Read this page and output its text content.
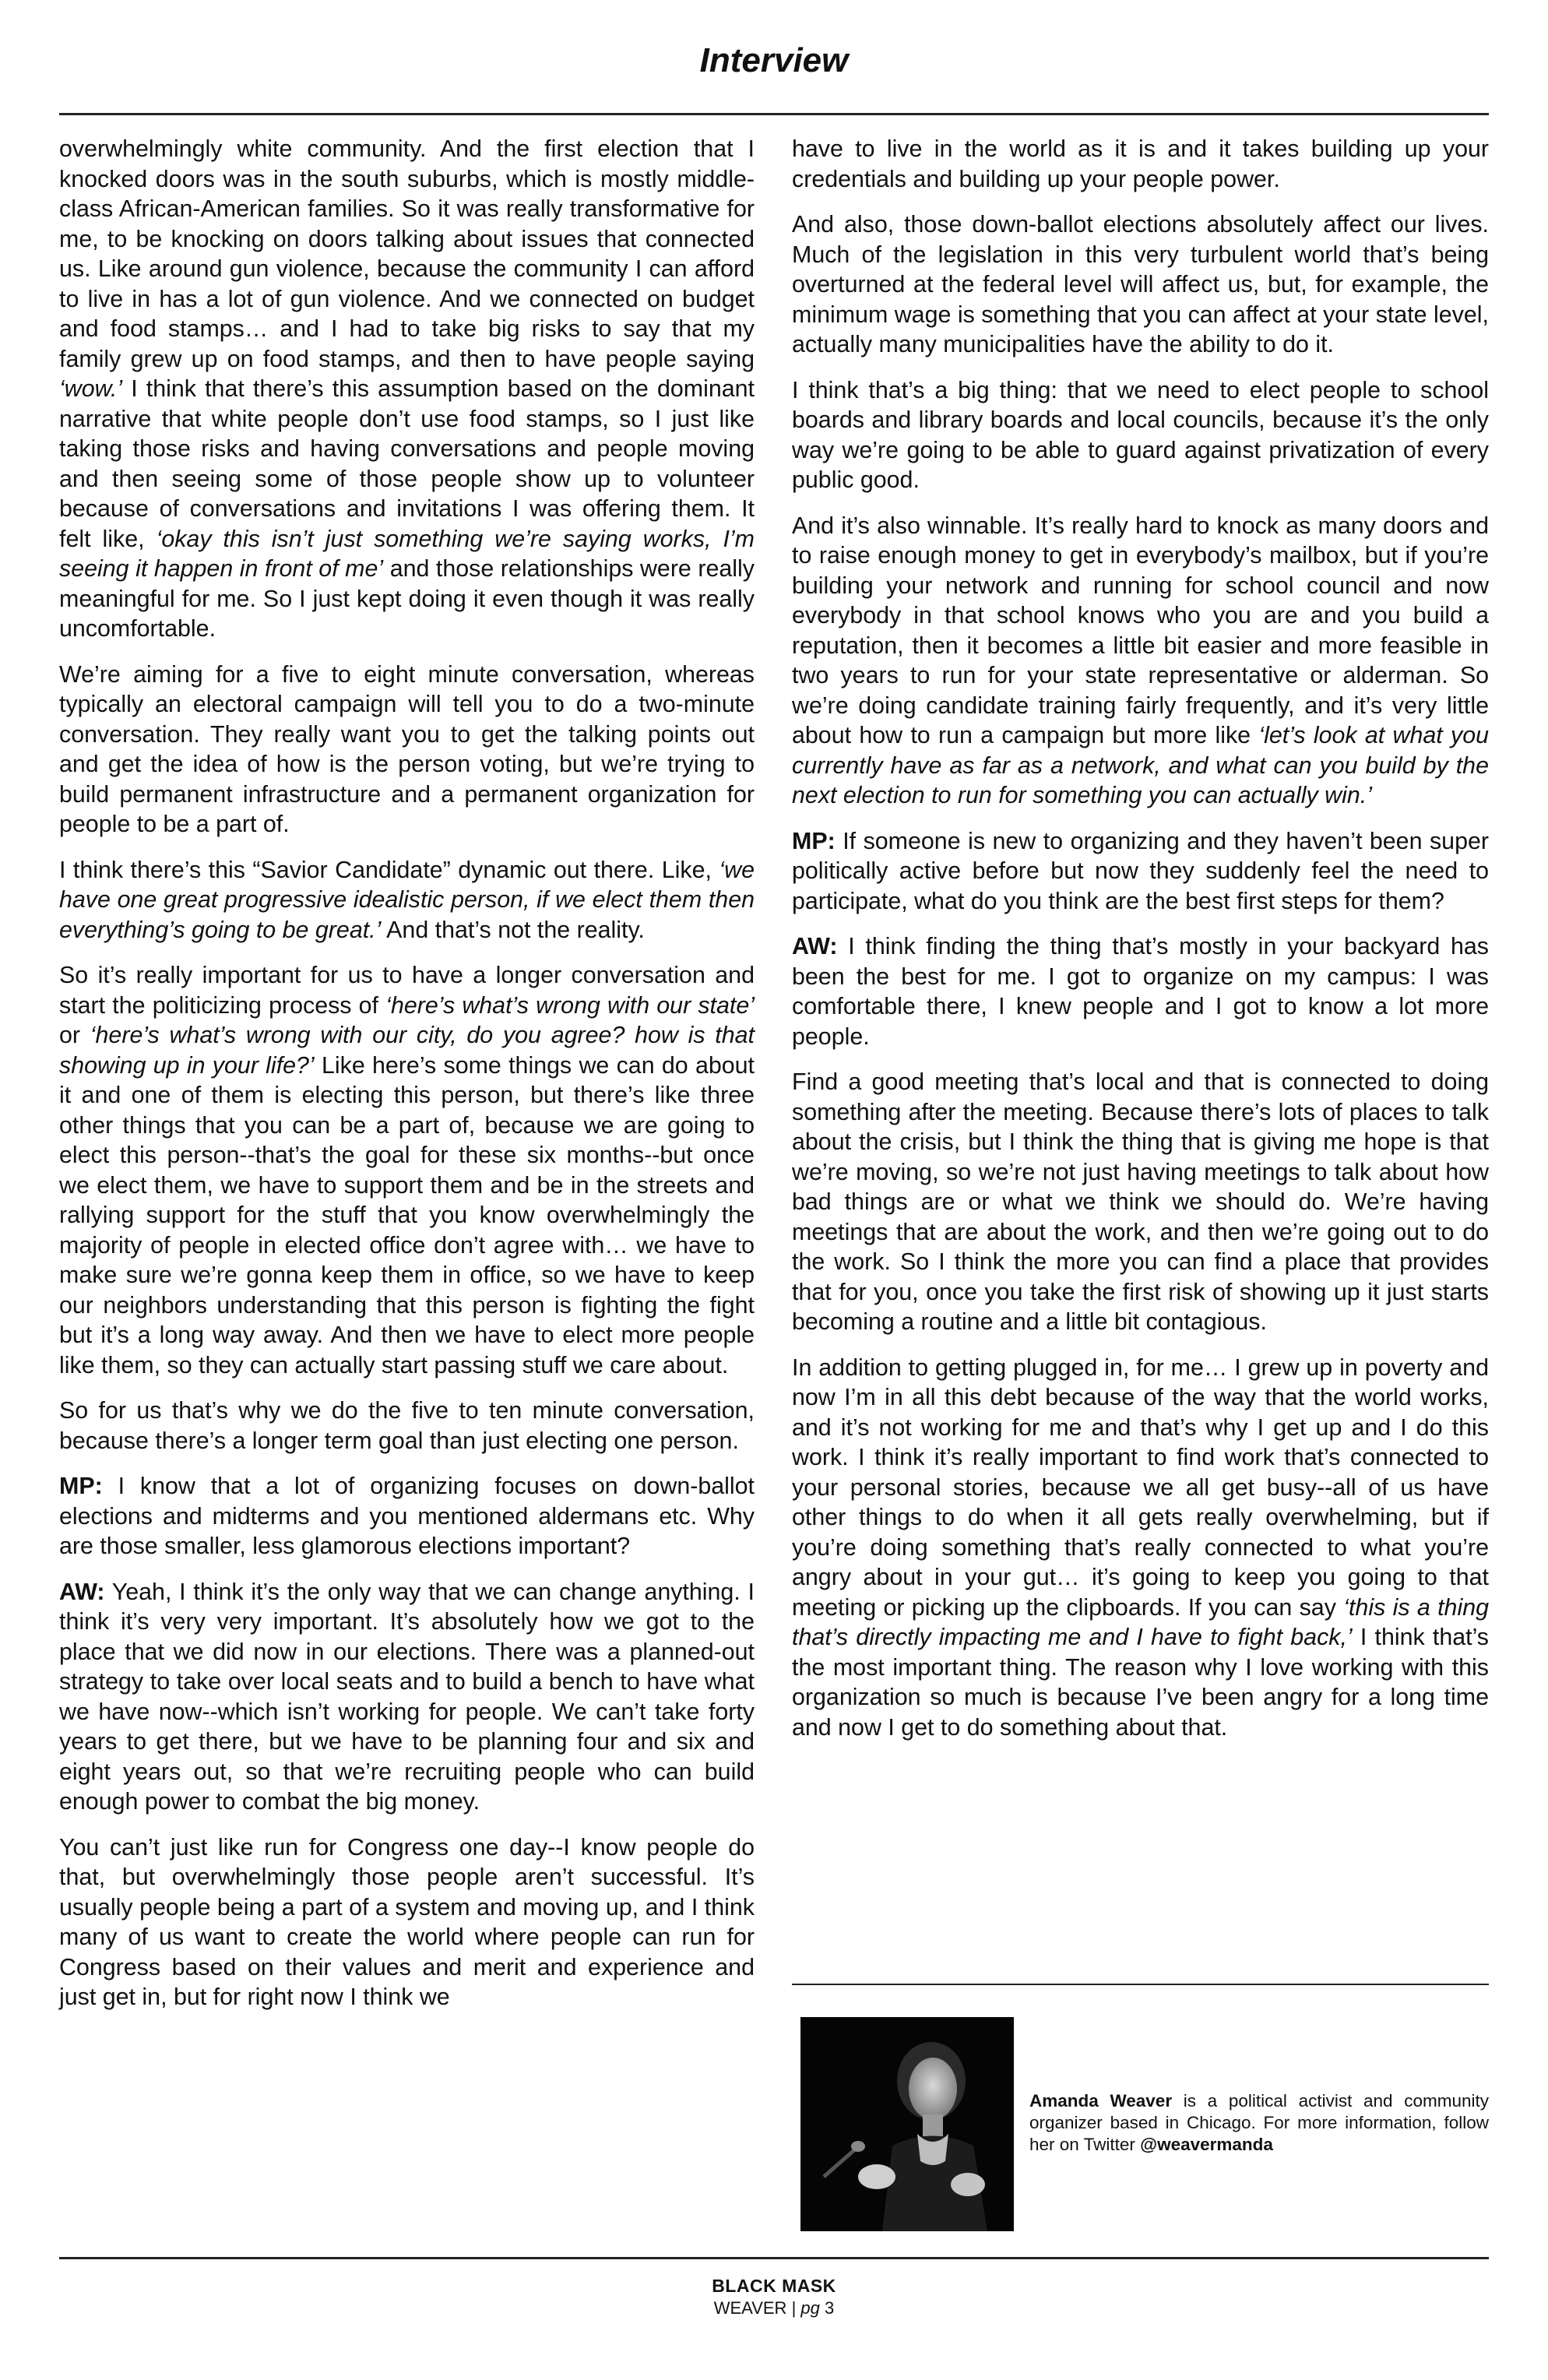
Interview

overwhelmingly white community. And the first election that I knocked doors was in the south suburbs, which is mostly middle-class African-American families. So it was really transformative for me, to be knocking on doors talking about issues that connected us. Like around gun violence, because the community I can afford to live in has a lot of gun violence. And we connected on budget and food stamps… and I had to take big risks to say that my family grew up on food stamps, and then to have people saying ‘wow.’ I think that there’s this assumption based on the dominant narrative that white people don’t use food stamps, so I just like taking those risks and having conversations and people moving and then seeing some of those people show up to volunteer because of conversations and invitations I was offering them. It felt like, ‘okay this isn’t just something we’re saying works, I’m seeing it happen in front of me’ and those relationships were really meaningful for me. So I just kept doing it even though it was really uncomfortable.

We’re aiming for a five to eight minute conversation, whereas typically an electoral campaign will tell you to do a two-minute conversation. They really want you to get the talking points out and get the idea of how is the person voting, but we’re trying to build permanent infrastructure and a permanent organization for people to be a part of.

I think there’s this “Savior Candidate” dynamic out there. Like, ‘we have one great progressive idealistic person, if we elect them then everything’s going to be great.’ And that’s not the reality.

So it’s really important for us to have a longer conversation and start the politicizing process of ‘here’s what’s wrong with our state’ or ‘here’s what’s wrong with our city, do you agree? how is that showing up in your life?’ Like here’s some things we can do about it and one of them is electing this person, but there’s like three other things that you can be a part of, because we are going to elect this person--that’s the goal for these six months--but once we elect them, we have to support them and be in the streets and rallying support for the stuff that you know overwhelmingly the majority of people in elected office don’t agree with… we have to make sure we’re gonna keep them in office, so we have to keep our neighbors understanding that this person is fighting the fight but it’s a long way away. And then we have to elect more people like them, so they can actually start passing stuff we care about.

So for us that’s why we do the five to ten minute conversation, because there’s a longer term goal than just electing one person.

MP: I know that a lot of organizing focuses on down-ballot elections and midterms and you mentioned aldermans etc. Why are those smaller, less glamorous elections important?

AW: Yeah, I think it’s the only way that we can change anything. I think it’s very very important. It’s absolutely how we got to the place that we did now in our elections. There was a planned-out strategy to take over local seats and to build a bench to have what we have now--which isn’t working for people. We can’t take forty years to get there, but we have to be planning four and six and eight years out, so that we’re recruiting people who can build enough power to combat the big money.

You can’t just like run for Congress one day--I know people do that, but overwhelmingly those people aren’t successful. It’s usually people being a part of a system and moving up, and I think many of us want to create the world where people can run for Congress based on their values and merit and experience and just get in, but for right now I think we

have to live in the world as it is and it takes building up your credentials and building up your people power.

And also, those down-ballot elections absolutely affect our lives. Much of the legislation in this very turbulent world that’s being overturned at the federal level will affect us, but, for example, the minimum wage is something that you can affect at your state level, actually many municipalities have the ability to do it.

I think that’s a big thing: that we need to elect people to school boards and library boards and local councils, because it’s the only way we’re going to be able to guard against privatization of every public good.

And it’s also winnable. It’s really hard to knock as many doors and to raise enough money to get in everybody’s mailbox, but if you’re building your network and running for school council and now everybody in that school knows who you are and you build a reputation, then it becomes a little bit easier and more feasible in two years to run for your state representative or alderman. So we’re doing candidate training fairly frequently, and it’s very little about how to run a campaign but more like ‘let’s look at what you currently have as far as a network, and what can you build by the next election to run for something you can actually win.’

MP: If someone is new to organizing and they haven’t been super politically active before but now they suddenly feel the need to participate, what do you think are the best first steps for them?

AW: I think finding the thing that’s mostly in your backyard has been the best for me. I got to organize on my campus: I was comfortable there, I knew people and I got to know a lot more people.

Find a good meeting that’s local and that is connected to doing something after the meeting. Because there’s lots of places to talk about the crisis, but I think the thing that is giving me hope is that we’re moving, so we’re not just having meetings to talk about how bad things are or what we think we should do. We’re having meetings that are about the work, and then we’re going out to do the work. So I think the more you can find a place that provides that for you, once you take the first risk of showing up it just starts becoming a routine and a little bit contagious.

In addition to getting plugged in, for me… I grew up in poverty and now I’m in all this debt because of the way that the world works, and it’s not working for me and that’s why I get up and I do this work. I think it’s really important to find work that’s connected to your personal stories, because we all get busy--all of us have other things to do when it all gets really overwhelming, but if you’re doing something that’s really connected to what you’re angry about in your gut… it’s going to keep you going to that meeting or picking up the clipboards. If you can say ‘this is a thing that’s directly impacting me and I have to fight back,’ I think that’s the most important thing. The reason why I love working with this organization so much is because I’ve been angry for a long time and now I get to do something about that.

Amanda Weaver is a political activist and community organizer based in Chicago. For more information, follow her on Twitter @weavermanda
BLACK MASK
WEAVER | pg 3
